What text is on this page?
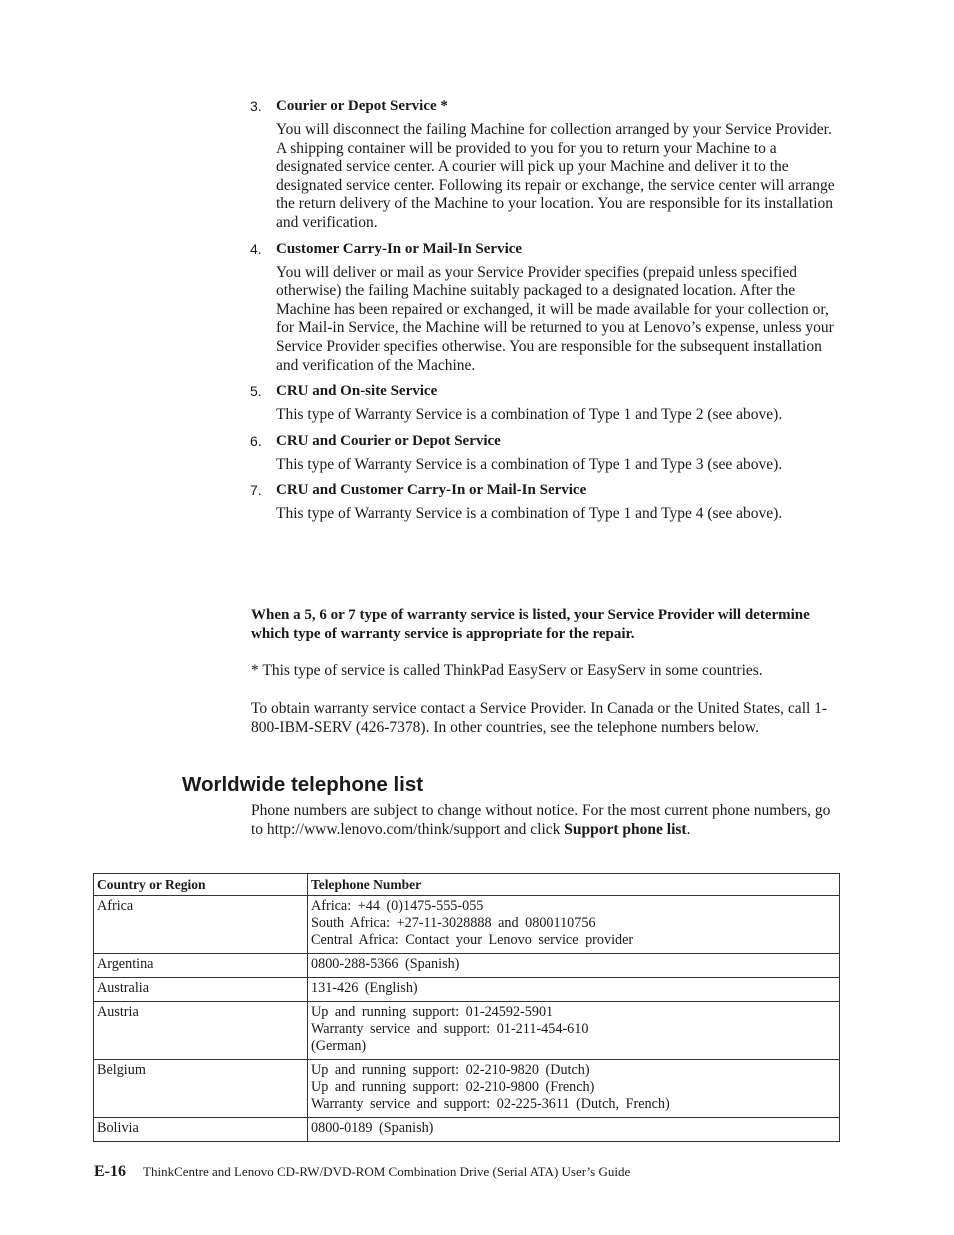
3. Courier or Depot Service *
You will disconnect the failing Machine for collection arranged by your Service Provider. A shipping container will be provided to you for you to return your Machine to a designated service center. A courier will pick up your Machine and deliver it to the designated service center. Following its repair or exchange, the service center will arrange the return delivery of the Machine to your location. You are responsible for its installation and verification.
4. Customer Carry-In or Mail-In Service
You will deliver or mail as your Service Provider specifies (prepaid unless specified otherwise) the failing Machine suitably packaged to a designated location. After the Machine has been repaired or exchanged, it will be made available for your collection or, for Mail-in Service, the Machine will be returned to you at Lenovo’s expense, unless your Service Provider specifies otherwise. You are responsible for the subsequent installation and verification of the Machine.
5. CRU and On-site Service
This type of Warranty Service is a combination of Type 1 and Type 2 (see above).
6. CRU and Courier or Depot Service
This type of Warranty Service is a combination of Type 1 and Type 3 (see above).
7. CRU and Customer Carry-In or Mail-In Service
This type of Warranty Service is a combination of Type 1 and Type 4 (see above).

When a 5, 6 or 7 type of warranty service is listed, your Service Provider will determine which type of warranty service is appropriate for the repair.

* This type of service is called ThinkPad EasyServ or EasyServ in some countries.

To obtain warranty service contact a Service Provider. In Canada or the United States, call 1-800-IBM-SERV (426-7378). In other countries, see the telephone numbers below.

Worldwide telephone list

Phone numbers are subject to change without notice. For the most current phone numbers, go to http://www.lenovo.com/think/support and click Support phone list.

Country or Region	Telephone Number
Africa	Africa: +44 (0)1475-555-055
South Africa: +27-11-3028888 and 0800110756
Central Africa: Contact your Lenovo service provider

Argentina	0800-288-5366 (Spanish)

Australia	131-426 (English)

Austria	Up and running support: 01-24592-5901
Warranty service and support: 01-211-454-610
(German)

Belgium	Up and running support: 02-210-9820 (Dutch)
Up and running support: 02-210-9800 (French)
Warranty service and support: 02-225-3611 (Dutch, French)

Bolivia	0800-0189 (Spanish)
E-16 ThinkCentre and Lenovo CD-RW/DVD-ROM Combination Drive (Serial ATA) User’s Guide
